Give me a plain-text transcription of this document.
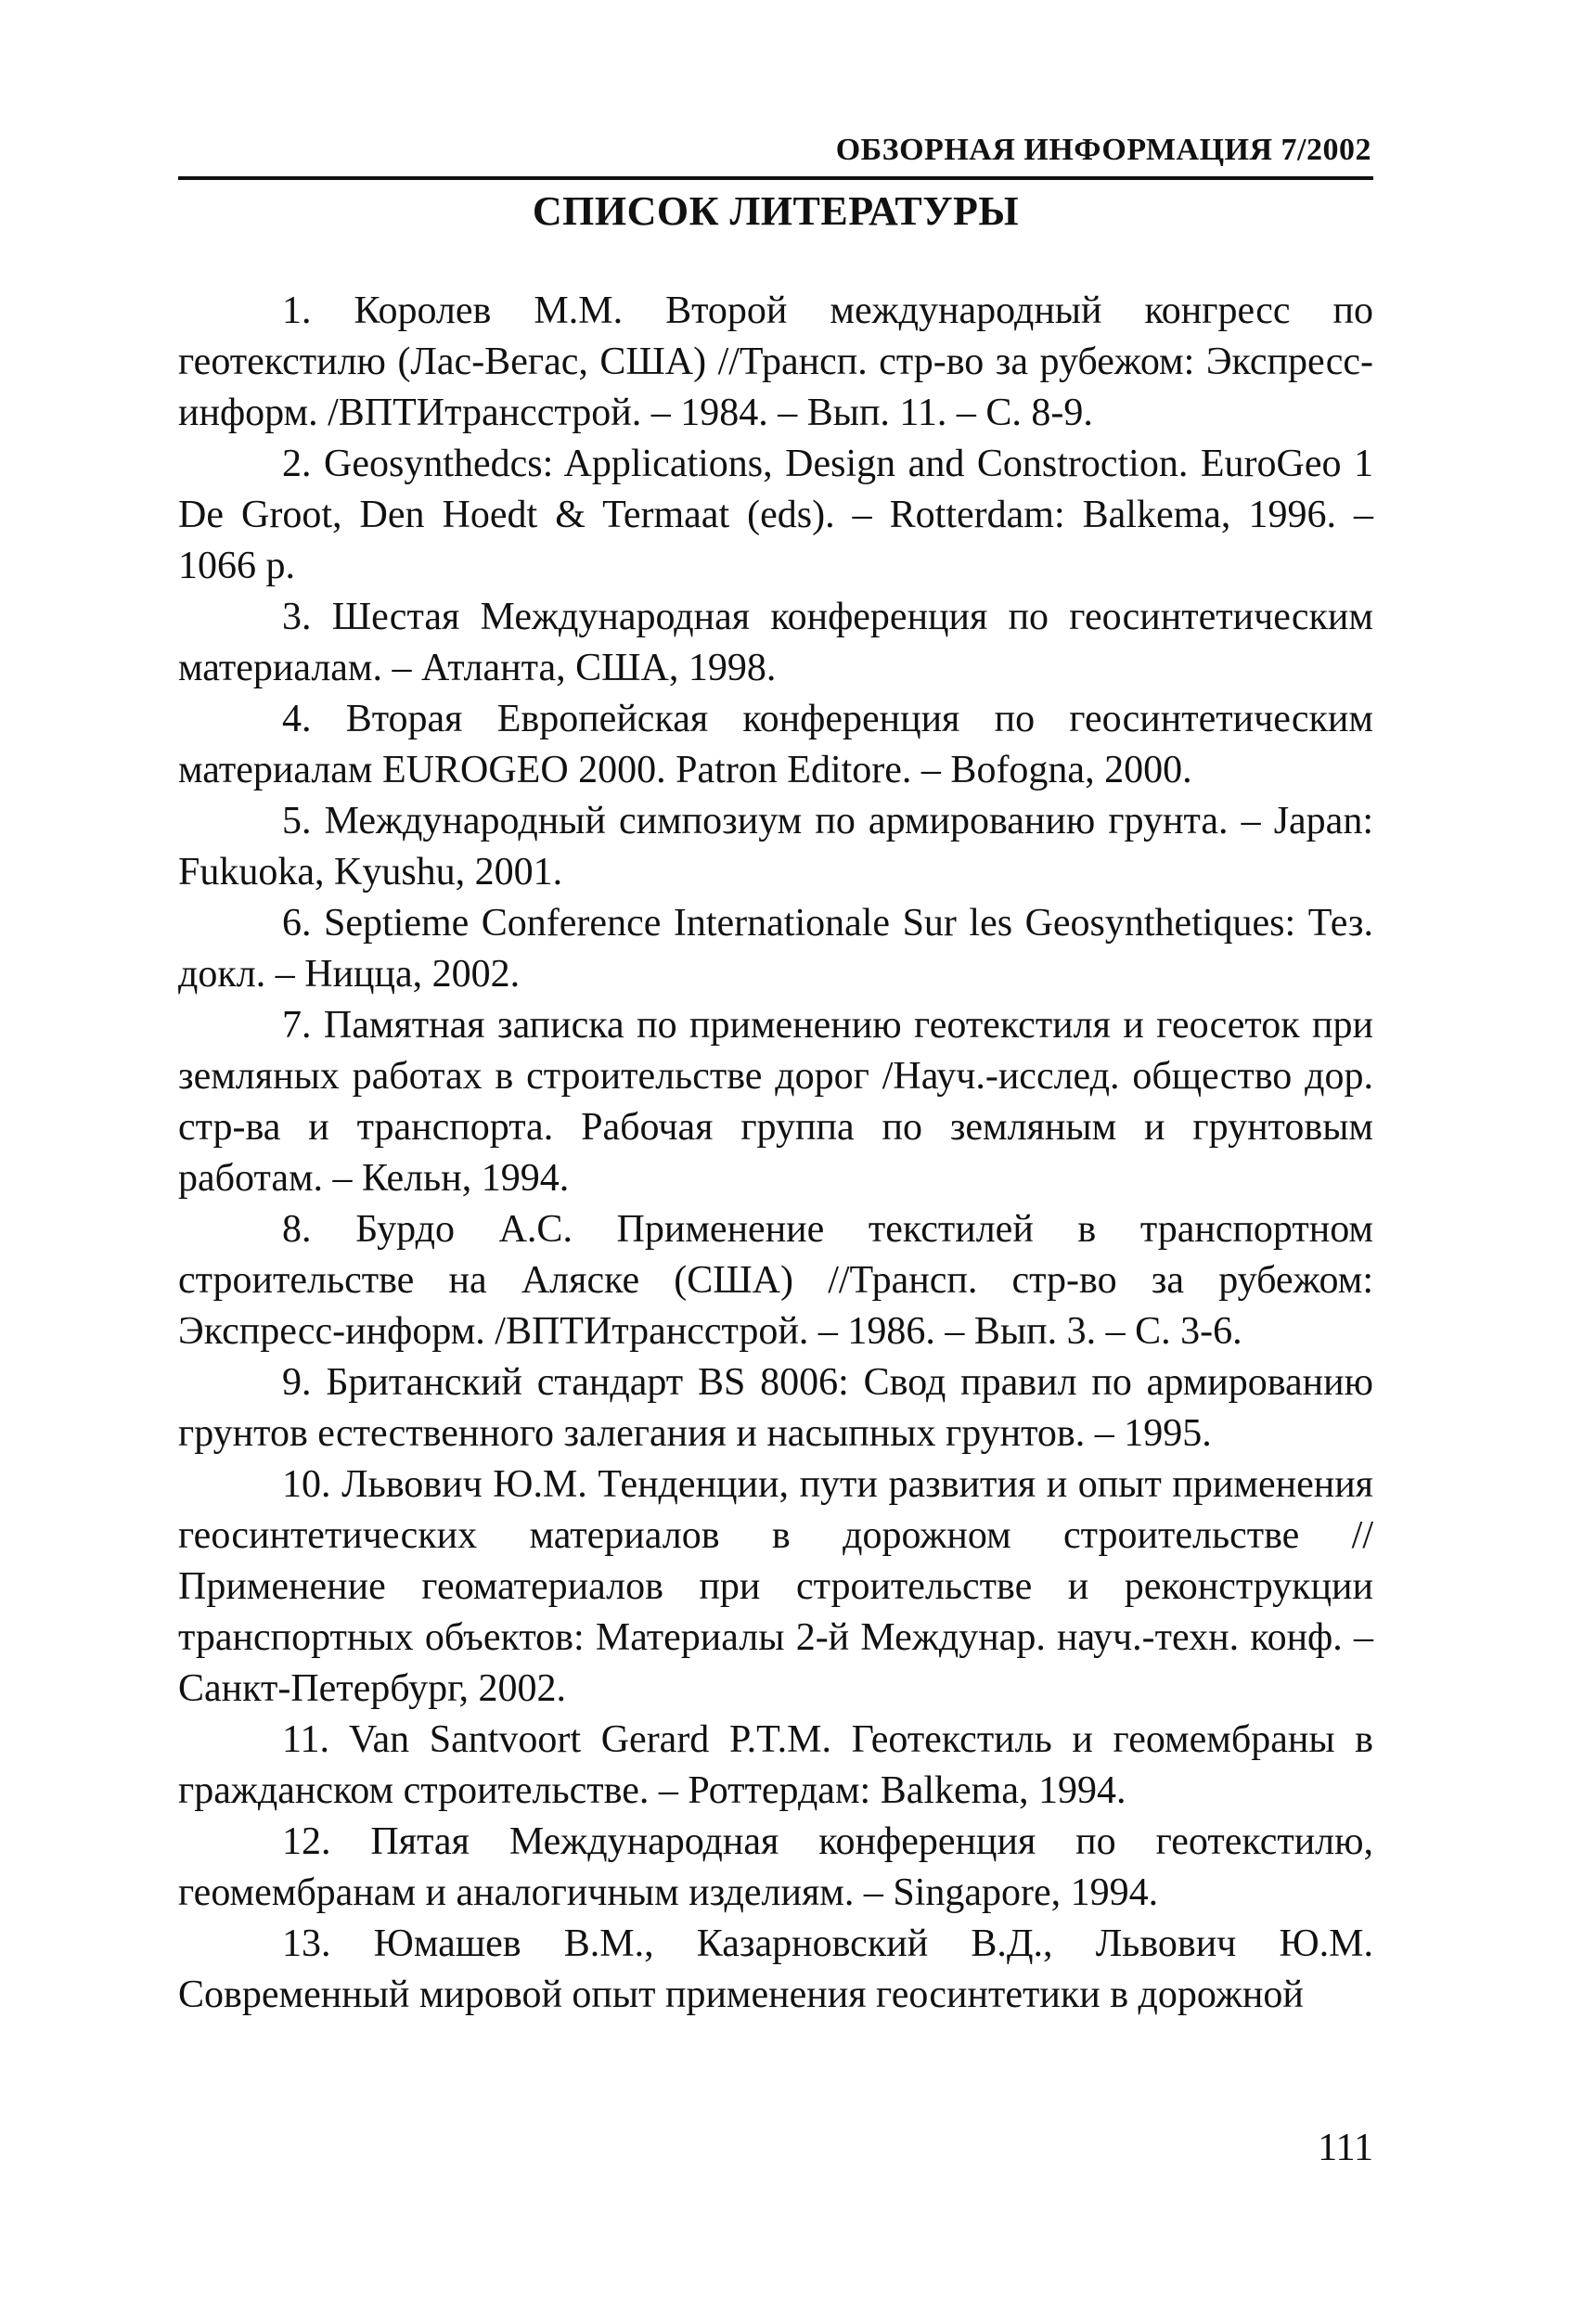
ОБЗОРНАЯ ИНФОРМАЦИЯ 7/2002
СПИСОК ЛИТЕРАТУРЫ
1. Королев М.М. Второй международный конгресс по геотекстилю (Лас-Вегас, США) //Трансп. стр-во за рубежом: Экспресс-информ. /ВПТИтрансстрой. – 1984. – Вып. 11. – С. 8-9.
2. Geosynthedcs: Applications, Design and Constroction. EuroGeo 1 De Groot, Den Hoedt & Termaat (eds). – Rotterdam: Balkema, 1996. – 1066 p.
3. Шестая Международная конференция по геосинтетическим материалам. – Атланта, США, 1998.
4. Вторая Европейская конференция по геосинтетическим материалам EUROGEO 2000. Patron Editore. – Bofogna, 2000.
5. Международный симпозиум по армированию грунта. – Japan: Fukuoka, Kyushu, 2001.
6. Septieme Conference Internationale Sur les Geosynthetiques: Тез. докл. – Ницца, 2002.
7. Памятная записка по применению геотекстиля и геосеток при земляных работах в строительстве дорог /Науч.-исслед. общество дор. стр-ва и транспорта. Рабочая группа по земляным и грунтовым работам. – Кельн, 1994.
8. Бурдо А.С. Применение текстилей в транспортном строительстве на Аляске (США) //Трансп. стр-во за рубежом: Экспресс-информ. /ВПТИтрансстрой. – 1986. – Вып. 3. – С. 3-6.
9. Британский стандарт BS 8006: Свод правил по армированию грунтов естественного залегания и насыпных грунтов. – 1995.
10. Львович Ю.М. Тенденции, пути развития и опыт применения геосинтетических материалов в дорожном строительстве // Применение геоматериалов при строительстве и реконструкции транспортных объектов: Материалы 2-й Междунар. науч.-техн. конф. – Санкт-Петербург, 2002.
11. Van Santvoort Gerard P.T.M. Геотекстиль и геомембраны в гражданском строительстве. – Роттердам: Balkema, 1994.
12. Пятая Международная конференция по геотекстилю, геомембранам и аналогичным изделиям. – Singapore, 1994.
13. Юмашев В.М., Казарновский В.Д., Львович Ю.М. Современный мировой опыт применения геосинтетики в дорожной
111
